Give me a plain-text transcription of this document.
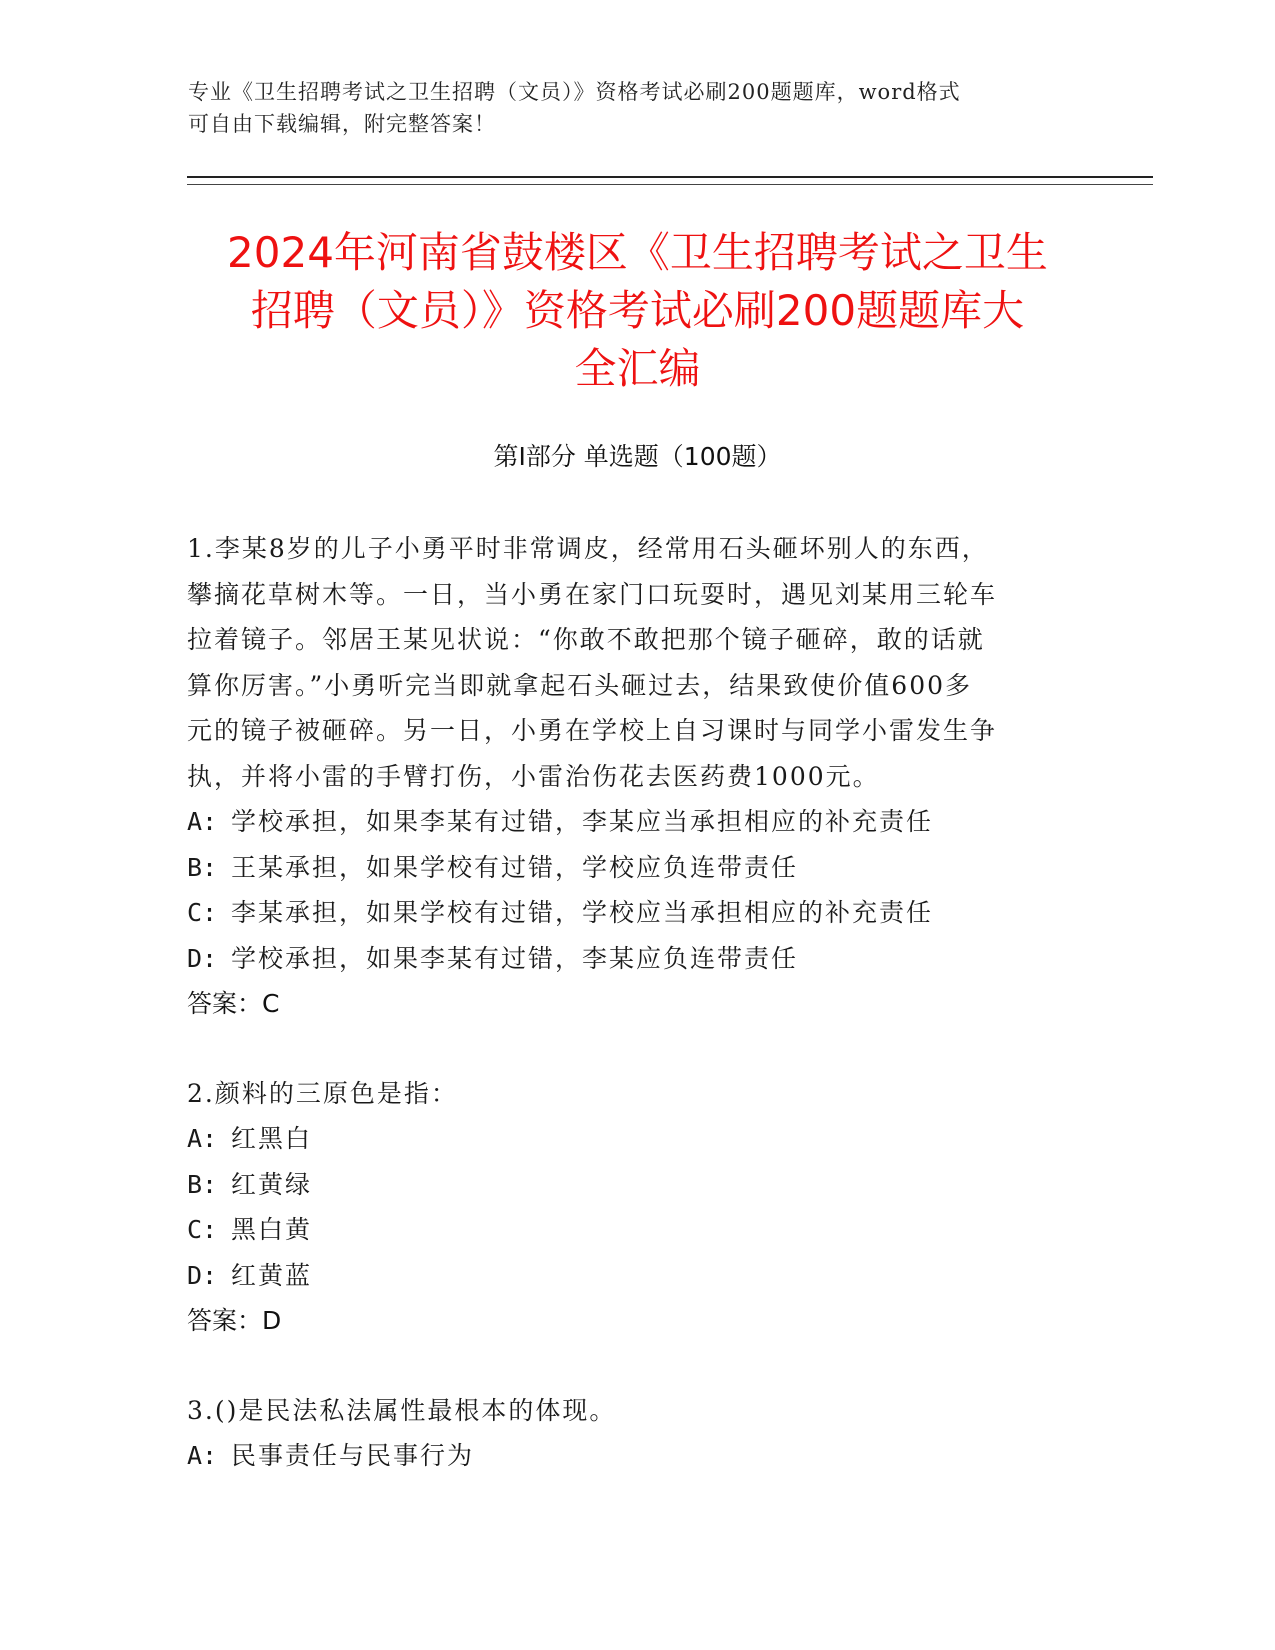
专业《卫生招聘考试之卫生招聘（文员）》资格考试必刷200题题库，word格式
可自由下载编辑，附完整答案！
2024年河南省鼓楼区《卫生招聘考试之卫生
招聘（文员）》资格考试必刷200题题库大
全汇编
第Ⅰ部分 单选题（100题）

1.李某8岁的儿子小勇平时非常调皮，经常用石头砸坏别人的东西，

攀摘花草树木等。一日，当小勇在家门口玩耍时，遇见刘某用三轮车

拉着镜子。邻居王某见状说：“你敢不敢把那个镜子砸碎，敢的话就

算你厉害。”小勇听完当即就拿起石头砸过去，结果致使价值600多

元的镜子被砸碎。另一日，小勇在学校上自习课时与同学小雷发生争

执，并将小雷的手臂打伤，小雷治伤花去医药费1000元。

A: 学校承担，如果李某有过错，李某应当承担相应的补充责任

B: 王某承担，如果学校有过错，学校应负连带责任

C: 李某承担，如果学校有过错，学校应当承担相应的补充责任

D: 学校承担，如果李某有过错，李某应负连带责任

答案：C

2.颜料的三原色是指：

A: 红黑白

B: 红黄绿

C: 黑白黄

D: 红黄蓝

答案：D

3.()是民法私法属性最根本的体现。

A: 民事责任与民事行为
